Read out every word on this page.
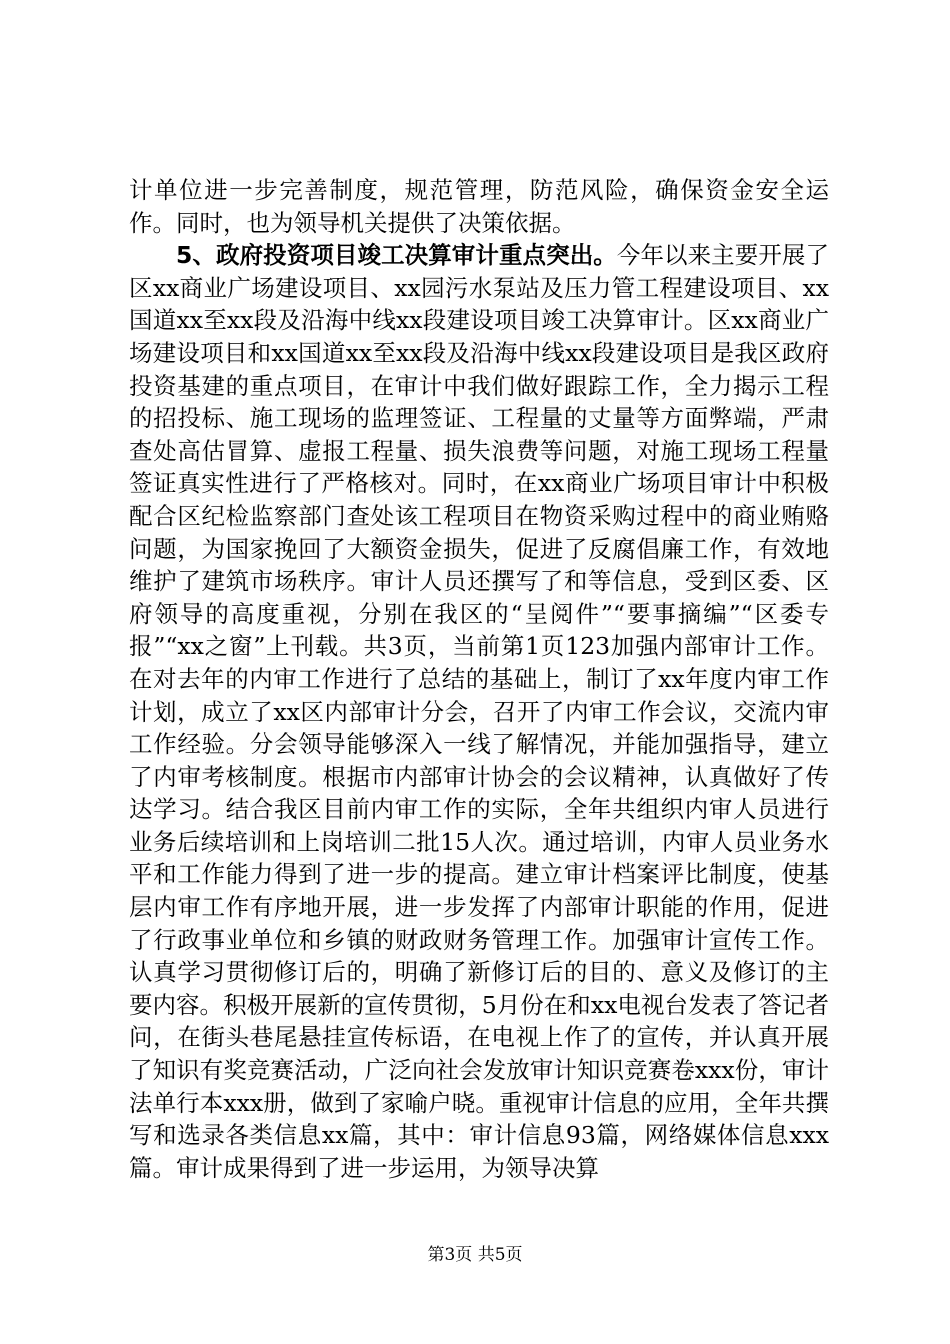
计单位进一步完善制度，规范管理，防范风险，确保资金安全运作。同时，也为领导机关提供了决策依据。

5、政府投资项目竣工决算审计重点突出。今年以来主要开展了区xx商业广场建设项目、xx园污水泵站及压力管工程建设项目、xx国道xx至xx段及沿海中线xx段建设项目竣工决算审计。区xx商业广场建设项目和xx国道xx至xx段及沿海中线xx段建设项目是我区政府投资基建的重点项目，在审计中我们做好跟踪工作，全力揭示工程的招投标、施工现场的监理签证、工程量的丈量等方面弊端，严肃查处高估冒算、虚报工程量、损失浪费等问题，对施工现场工程量签证真实性进行了严格核对。同时，在xx商业广场项目审计中积极配合区纪检监察部门查处该工程项目在物资采购过程中的商业贿赂问题，为国家挽回了大额资金损失，促进了反腐倡廉工作，有效地维护了建筑市场秩序。审计人员还撰写了和等信息，受到区委、区府领导的高度重视，分别在我区的“呈阅件”“要事摘编”“区委专报”“xx之窗”上刊载。共3页，当前第1页123加强内部审计工作。在对去年的内审工作进行了总结的基础上，制订了xx年度内审工作计划，成立了xx区内部审计分会，召开了内审工作会议，交流内审工作经验。分会领导能够深入一线了解情况，并能加强指导，建立了内审考核制度。根据市内部审计协会的会议精神，认真做好了传达学习。结合我区目前内审工作的实际，全年共组织内审人员进行业务后续培训和上岗培训二批15人次。通过培训，内审人员业务水平和工作能力得到了进一步的提高。建立审计档案评比制度，使基层内审工作有序地开展，进一步发挥了内部审计职能的作用，促进了行政事业单位和乡镇的财政财务管理工作。加强审计宣传工作。认真学习贯彻修订后的，明确了新修订后的目的、意义及修订的主要内容。积极开展新的宣传贯彻，5月份在和xx电视台发表了答记者问，在街头巷尾悬挂宣传标语，在电视上作了的宣传，并认真开展了知识有奖竞赛活动，广泛向社会发放审计知识竞赛卷xxx份，审计法单行本xxx册，做到了家喻户晓。重视审计信息的应用，全年共撰写和选录各类信息xx篇，其中：审计信息93篇，网络媒体信息xxx篇。审计成果得到了进一步运用，为领导决算

第3页 共5页
